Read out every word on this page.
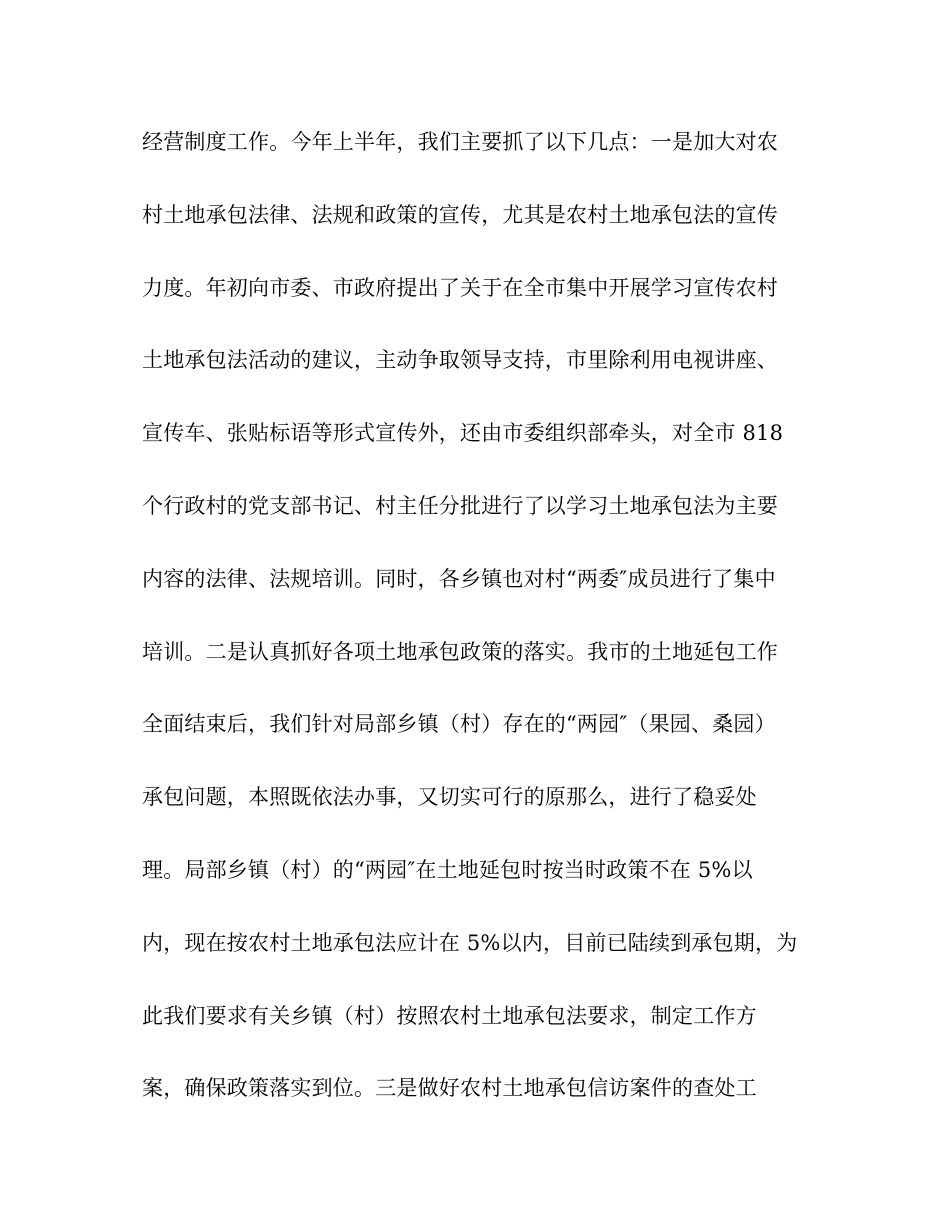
经营制度工作。今年上半年，我们主要抓了以下几点：一是加大对农
村土地承包法律、法规和政策的宣传，尤其是农村土地承包法的宣传
力度。年初向市委、市政府提出了关于在全市集中开展学习宣传农村
土地承包法活动的建议，主动争取领导支持，市里除利用电视讲座、
宣传车、张贴标语等形式宣传外，还由市委组织部牵头，对全市 818
个行政村的党支部书记、村主任分批进行了以学习土地承包法为主要
内容的法律、法规培训。同时，各乡镇也对村“两委″成员进行了集中
培训。二是认真抓好各项土地承包政策的落实。我市的土地延包工作
全面结束后，我们针对局部乡镇（村）存在的“两园″（果园、桑园）
承包问题，本照既依法办事，又切实可行的原那么，进行了稳妥处
理。局部乡镇（村）的“两园″在土地延包时按当时政策不在 5%以
内，现在按农村土地承包法应计在 5%以内，目前已陆续到承包期，为
此我们要求有关乡镇（村）按照农村土地承包法要求，制定工作方
案，确保政策落实到位。三是做好农村土地承包信访案件的查处工
